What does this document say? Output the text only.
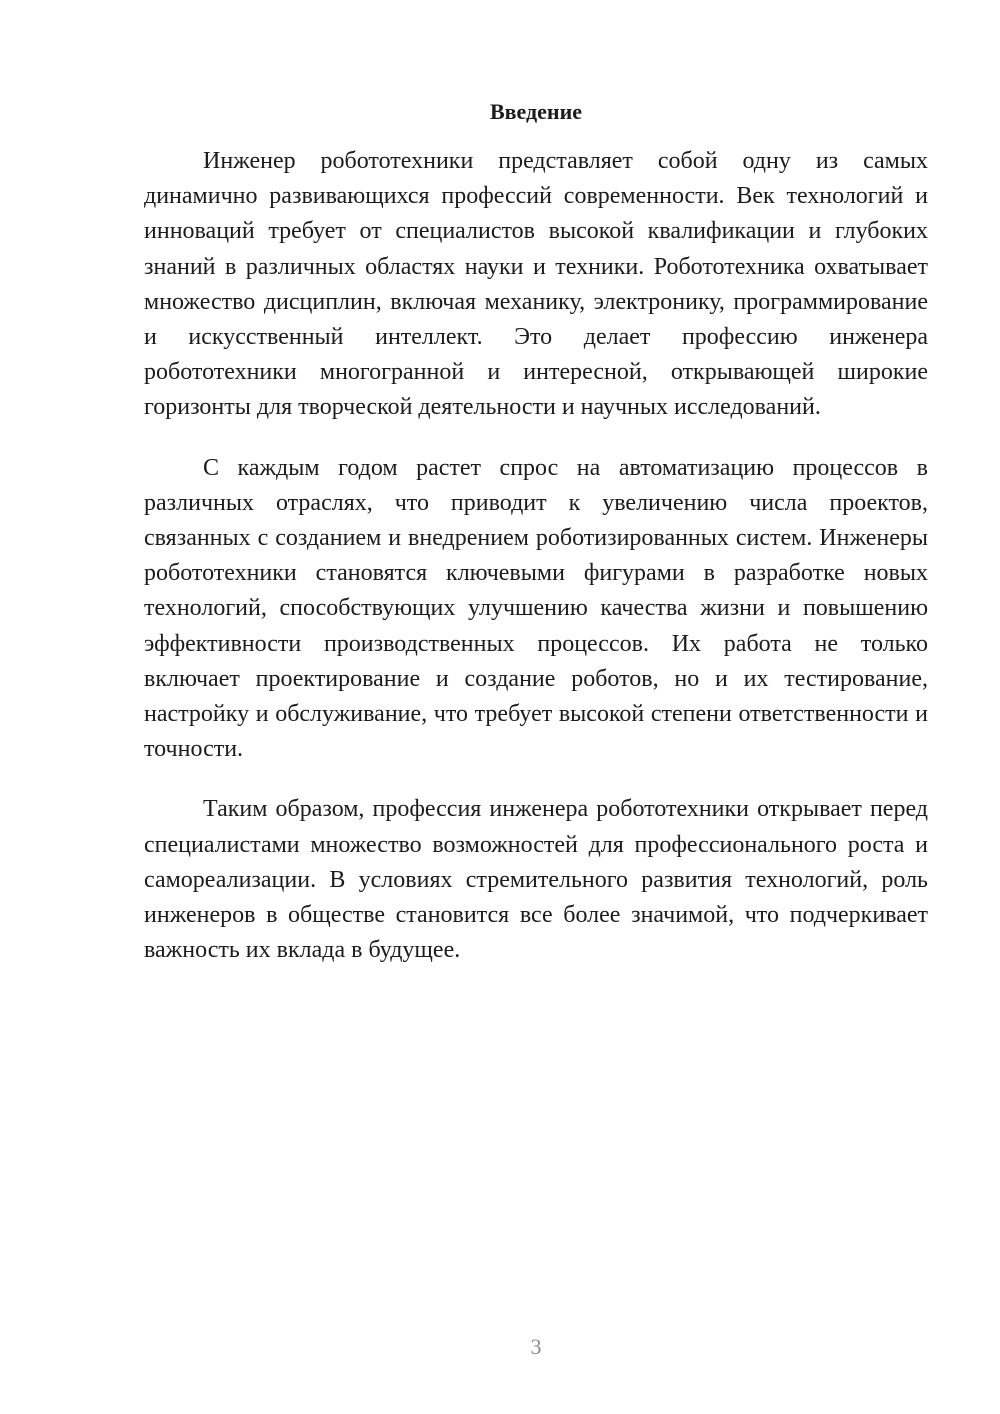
Введение

Инженер робототехники представляет собой одну из самых динамично развивающихся профессий современности. Век технологий и инноваций требует от специалистов высокой квалификации и глубоких знаний в различных областях науки и техники. Робототехника охватывает множество дисциплин, включая механику, электронику, программирование и искусственный интеллект. Это делает профессию инженера робототехники многогранной и интересной, открывающей широкие горизонты для творческой деятельности и научных исследований.

С каждым годом растет спрос на автоматизацию процессов в различных отраслях, что приводит к увеличению числа проектов, связанных с созданием и внедрением роботизированных систем. Инженеры робототехники становятся ключевыми фигурами в разработке новых технологий, способствующих улучшению качества жизни и повышению эффективности производственных процессов. Их работа не только включает проектирование и создание роботов, но и их тестирование, настройку и обслуживание, что требует высокой степени ответственности и точности.

Таким образом, профессия инженера робототехники открывает перед специалистами множество возможностей для профессионального роста и самореализации. В условиях стремительного развития технологий, роль инженеров в обществе становится все более значимой, что подчеркивает важность их вклада в будущее.

3
